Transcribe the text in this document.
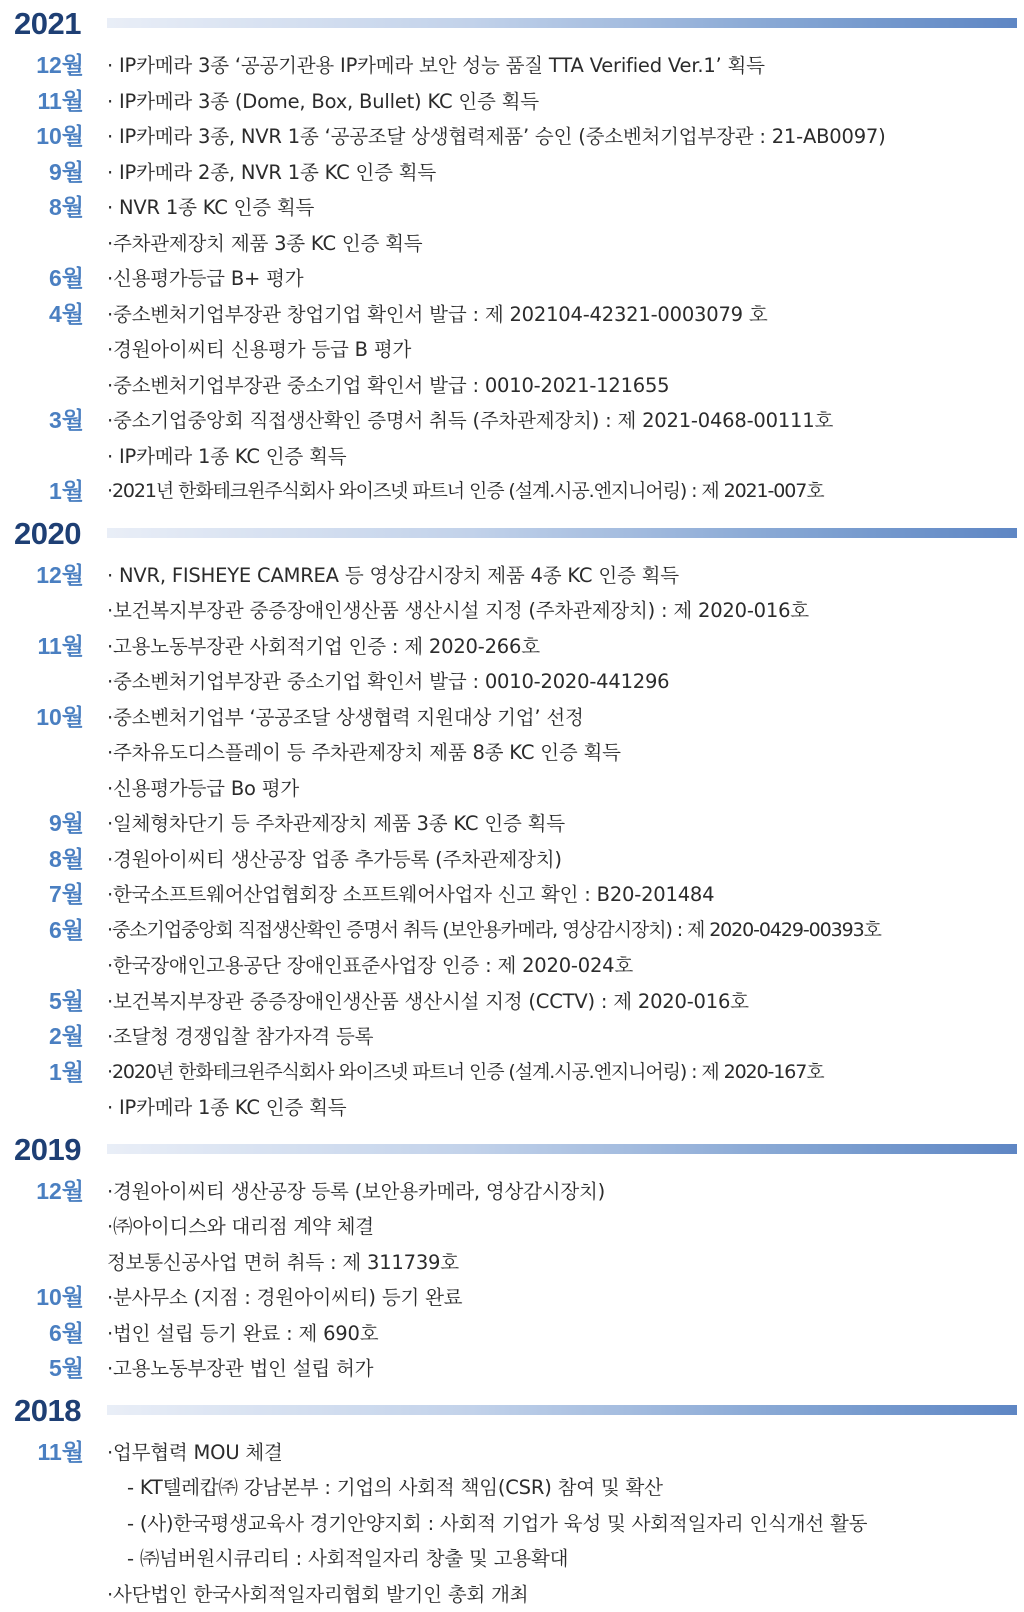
2021
12월 · IP카메라 3종 ‘공공기관용 IP카메라 보안 성능 품질 TTA Verified Ver.1’ 획득
11월 · IP카메라 3종 (Dome, Box, Bullet) KC 인증 획득
10월 · IP카메라 3종, NVR 1종 ‘공공조달 상생협력제품’ 승인 (중소벤처기업부장관 : 21-AB0097)
9월 · IP카메라 2종, NVR 1종 KC 인증 획득
8월 · NVR 1종 KC 인증 획득
·주차관제장치 제품 3종 KC 인증 획득
6월 ·신용평가등급 B+ 평가
4월 ·중소벤처기업부장관 창업기업 확인서 발급 : 제 202104-42321-0003079 호
·경원아이씨티 신용평가 등급 B 평가
·중소벤처기업부장관 중소기업 확인서 발급 : 0010-2021-121655
3월 ·중소기업중앙회 직접생산확인 증명서 취득 (주차관제장치) : 제 2021-0468-00111호
· IP카메라 1종 KC 인증 획득
1월 ·2021년 한화테크윈주식회사 와이즈넷 파트너 인증 (설계.시공.엔지니어링) : 제 2021-007호
2020
12월 · NVR, FISHEYE CAMREA 등 영상감시장치 제품 4종 KC 인증 획득
·보건복지부장관 중증장애인생산품 생산시설 지정 (주차관제장치) : 제 2020-016호
11월 ·고용노동부장관 사회적기업 인증 : 제 2020-266호
·중소벤처기업부장관 중소기업 확인서 발급 : 0010-2020-441296
10월 ·중소벤처기업부 ‘공공조달 상생협력 지원대상 기업’ 선정
·주차유도디스플레이 등 주차관제장치 제품 8종 KC 인증 획득
·신용평가등급 Bo 평가
9월 ·일체형차단기 등 주차관제장치 제품 3종 KC 인증 획득
8월 ·경원아이씨티 생산공장 업종 추가등록 (주차관제장치)
7월 ·한국소프트웨어산업협회장 소프트웨어사업자 신고 확인 : B20-201484
6월 ·중소기업중앙회 직접생산확인 증명서 취득 (보안용카메라, 영상감시장치) : 제 2020-0429-00393호
·한국장애인고용공단 장애인표준사업장 인증 : 제 2020-024호
5월 ·보건복지부장관 중증장애인생산품 생산시설 지정 (CCTV) : 제 2020-016호
2월 ·조달청 경쟁입찰 참가자격 등록
1월 ·2020년 한화테크윈주식회사 와이즈넷 파트너 인증 (설계.시공.엔지니어링) : 제 2020-167호
· IP카메라 1종 KC 인증 획득
2019
12월 ·경원아이씨티 생산공장 등록 (보안용카메라, 영상감시장치)
·㈜아이디스와 대리점 계약 체결
정보통신공사업 면허 취득 : 제 311739호
10월 ·분사무소 (지점 : 경원아이씨티) 등기 완료
6월 ·법인 설립 등기 완료 : 제 690호
5월 ·고용노동부장관 법인 설립 허가
2018
11월 ·업무협력 MOU 체결
- KT텔레캅㈜ 강남본부 : 기업의 사회적 책임(CSR) 참여 및 확산
- (사)한국평생교육사 경기안양지회 : 사회적 기업가 육성 및 사회적일자리 인식개선 활동
- ㈜넘버원시큐리티 : 사회적일자리 창출 및 고용확대
·사단법인 한국사회적일자리협회 발기인 총회 개최
